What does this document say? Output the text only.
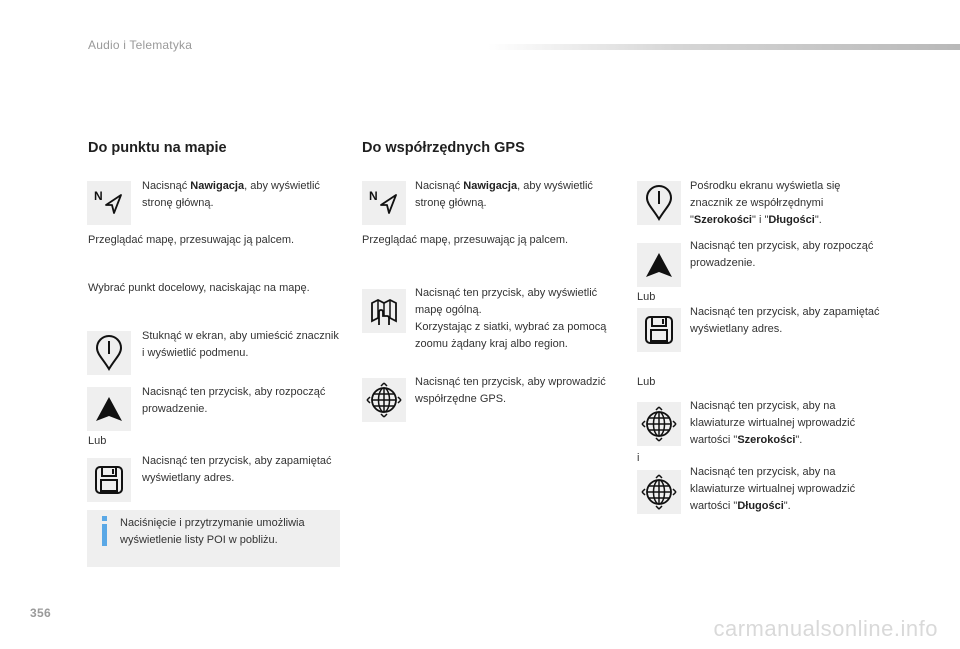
Audio i Telematyka
Do punktu na mapie
N
Nacisnąć Nawigacja, aby wyświetlić stronę główną.
Przeglądać mapę, przesuwając ją palcem.
Wybrać punkt docelowy, naciskając na mapę.
Stuknąć w ekran, aby umieścić znacznik i wyświetlić podmenu.
Nacisnąć ten przycisk, aby rozpocząć prowadzenie.
Lub
Nacisnąć ten przycisk, aby zapamiętać wyświetlany adres.
Naciśnięcie i przytrzymanie umożliwia wyświetlenie listy POI w pobliżu.
Do współrzędnych GPS
N
Nacisnąć Nawigacja, aby wyświetlić stronę główną.
Przeglądać mapę, przesuwając ją palcem.
Nacisnąć ten przycisk, aby wyświetlić mapę ogólną.
Korzystając z siatki, wybrać za pomocą zoomu żądany kraj albo region.
Nacisnąć ten przycisk, aby wprowadzić współrzędne GPS.
Pośrodku ekranu wyświetla się znacznik ze współrzędnymi "Szerokości" i "Długości".
Nacisnąć ten przycisk, aby rozpocząć prowadzenie.
Lub
Nacisnąć ten przycisk, aby zapamiętać wyświetlany adres.
Lub
Nacisnąć ten przycisk, aby na klawiaturze wirtualnej wprowadzić wartości "Szerokości".
i
Nacisnąć ten przycisk, aby na klawiaturze wirtualnej wprowadzić wartości "Długości".
356
carmanualsonline.info
